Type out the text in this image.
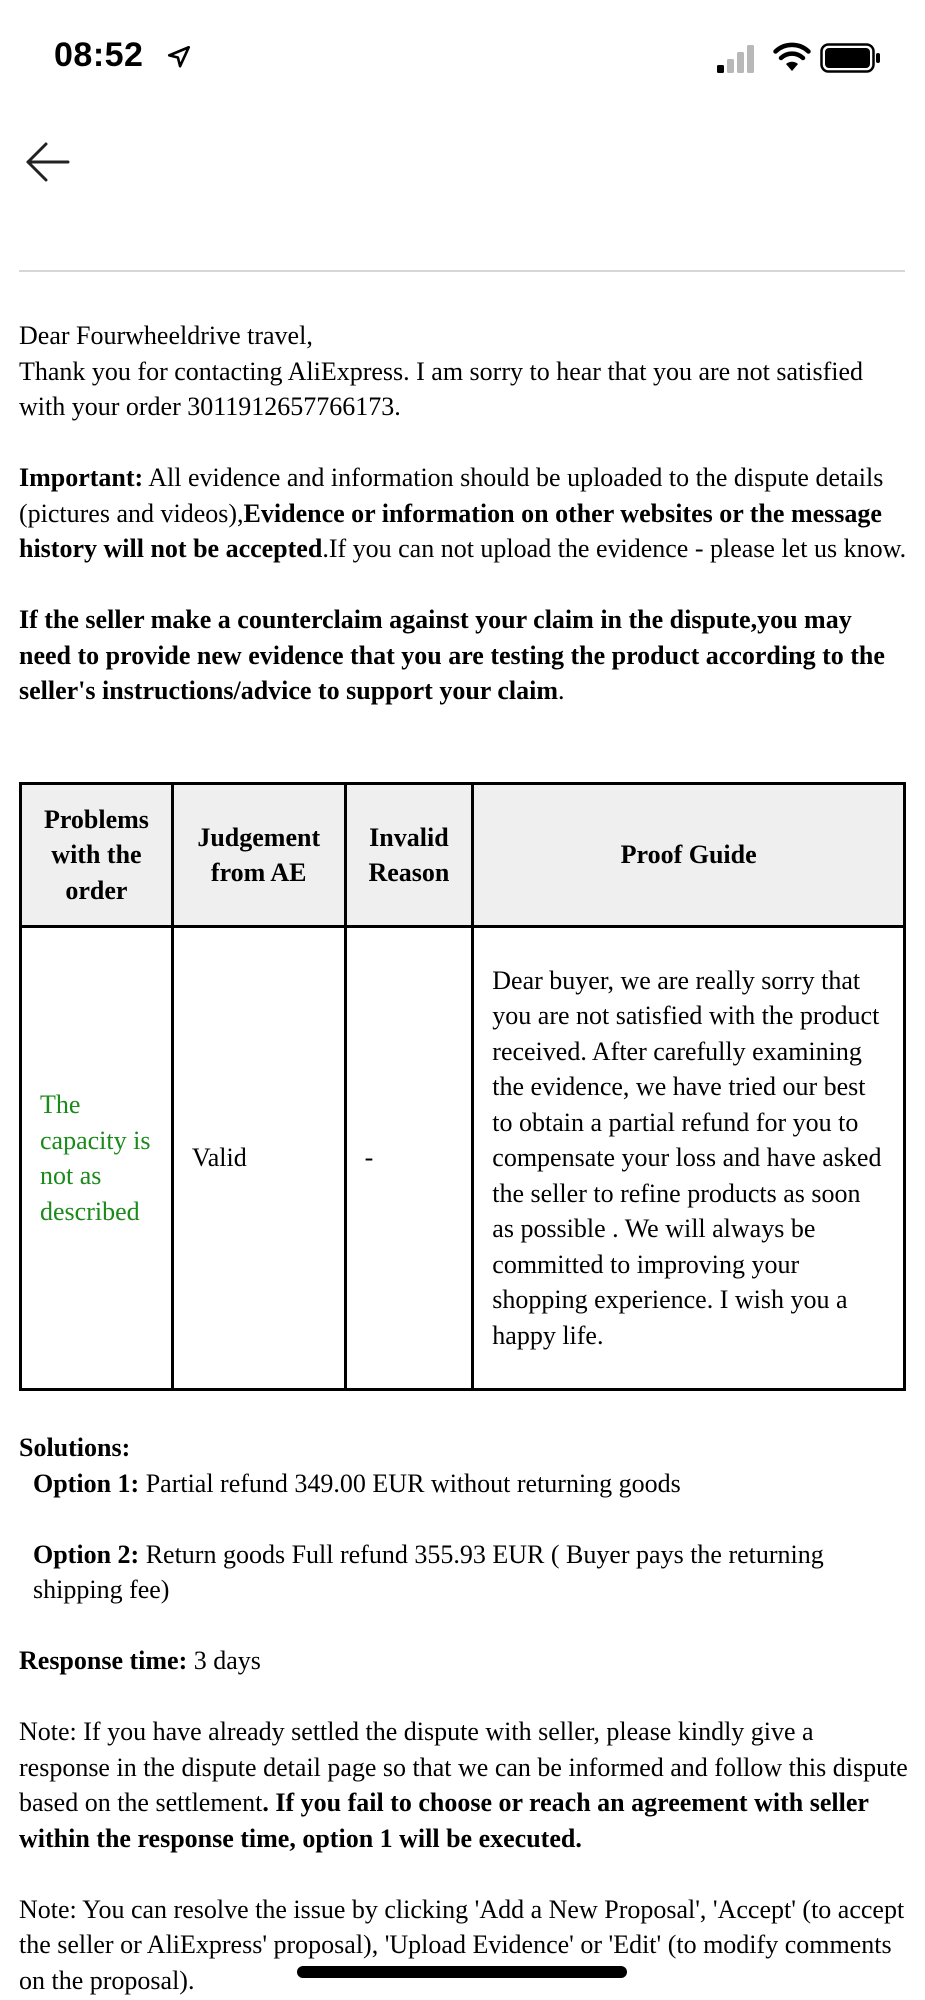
08:52

Dear Fourwheeldrive travel,

Thank you for contacting AliExpress. I am sorry to hear that you are not satisfied with your order 3011912657766173.

Important: All evidence and information should be uploaded to the dispute details (pictures and videos),Evidence or information on other websites or the message history will not be accepted.If you can not upload the evidence - please let us know.

If the seller make a counterclaim against your claim in the dispute,you may need to provide new evidence that you are testing the product according to the seller's instructions/advice to support your claim.

Problems with the order	Judgement from AE	Invalid Reason	Proof Guide
The capacity is not as described	Valid	-	Dear buyer, we are really sorry that you are not satisfied with the product received. After carefully examining the evidence, we have tried our best to obtain a partial refund for you to compensate your loss and have asked the seller to refine products as soon as possible . We will always be committed to improving your shopping experience. I wish you a happy life.

Solutions:

Option 1: Partial refund 349.00 EUR without returning goods

Option 2: Return goods Full refund 355.93 EUR ( Buyer pays the returning shipping fee)

Response time: 3 days

Note: If you have already settled the dispute with seller, please kindly give a response in the dispute detail page so that we can be informed and follow this dispute based on the settlement. If you fail to choose or reach an agreement with seller within the response time, option 1 will be executed.

Note: You can resolve the issue by clicking 'Add a New Proposal', 'Accept' (to accept the seller or AliExpress' proposal), 'Upload Evidence' or 'Edit' (to modify comments on the proposal).
